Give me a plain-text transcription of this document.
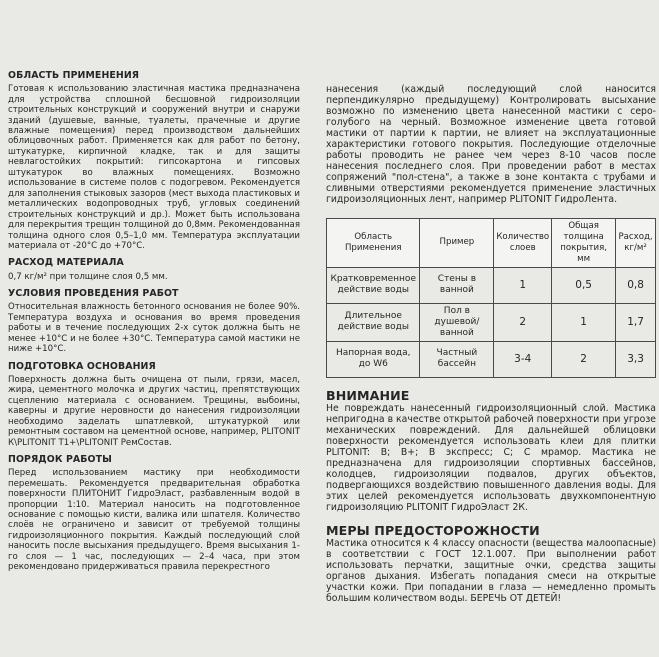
ОБЛАСТЬ ПРИМЕНЕНИЯ

Готовая к использованию эластичная мастика предназначена для устройства сплошной бесшовной гидроизоляции строительных конструкций и сооружений внутри и снаружи зданий (душевые, ванные, туалеты, прачечные и другие влажные помещения) перед производством дальнейших облицовочных работ. Применяется как для работ по бетону, штукатурке, кирпичной кладке, так и для защиты невлагостойких покрытий: гипсокартона и гипсовых штукатурок во влажных помещениях. Возможно использование в системе полов с подогревом. Рекомендуется для заполнения стыковых зазоров (мест выхода пластиковых и металлических водопроводных труб, угловых соединений строительных конструкций и др.). Может быть использована для перекрытия трещин толщиной до 0,8мм. Рекомендованная толщина одного слоя 0,5–1,0 мм. Температура эксплуатации материала от -20°С до +70°С.

РАСХОД МАТЕРИАЛА

0,7 кг/м² при толщине слоя 0,5 мм.

УСЛОВИЯ ПРОВЕДЕНИЯ РАБОТ

Относительная влажность бетонного основания не более 90%. Температура воздуха и основания во время проведения работы и в течение последующих 2-х суток должна быть не менее +10°С и не более +30°С. Температура самой мастики не ниже +10°С.

ПОДГОТОВКА ОСНОВАНИЯ

Поверхность должна быть очищена от пыли, грязи, масел, жира, цементного молочка и других частиц, препятствующих сцеплению материала с основанием. Трещины, выбоины, каверны и другие неровности до нанесения гидроизоляции необходимо заделать шпатлевкой, штукатуркой или ремонтным составом на цементной основе, например, PLITONIT К\PLITONIT Т1+\PLITONIT РемСостав.

ПОРЯДОК РАБОТЫ

Перед использованием мастику при необходимости перемешать. Рекомендуется предварительная обработка поверхности ПЛИТОНИТ ГидроЭласт, разбавленным водой в пропорции 1:10. Материал наносить на подготовленное основание с помощью кисти, валика или шпателя. Количество слоёв не ограничено и зависит от требуемой толщины гидроизоляционного покрытия. Каждый последующий слой наносить после высыхания предыдущего. Время высыхания 1-го слоя — 1 час, последующих — 2–4 часа, при этом рекомендовано придерживаться правила перекрестного

нанесения (каждый последующий слой наносится перпендикулярно предыдущему) Контролировать высыхание возможно по изменению цвета нанесенной мастики с серо-голубого на черный. Возможное изменение цвета готовой мастики от партии к партии, не влияет на эксплуатационные характеристики готового покрытия. Последующие отделочные работы проводить не ранее чем через 8-10 часов после нанесения последнего слоя. При проведении работ в местах сопряжений "пол-стена", а также в зоне контакта с трубами и сливными отверстиями рекомендуется применение эластичных гидроизоляционных лент, например PLITONIT ГидроЛента.

Область Применения	Пример	Количество слоев	Общая толщина покрытия, мм	Расход, кг/м²
Кратковременное действие воды	Стены в ванной	1	0,5	0,8
Длительное действие воды	Пол в душевой/ ванной	2	1	1,7
Напорная вода, до W6	Частный бассейн	3-4	2	3,3
ВНИМАНИЕ

Не повреждать нанесенный гидроизоляционный слой. Мастика непригодна в качестве открытой рабочей поверхности при угрозе механических повреждений. Для дальнейшей облицовки поверхности рекомендуется использовать клеи для плитки PLITONIT: В; В+; В экспресс; С; С мрамор. Мастика не предназначена для гидроизоляции спортивных бассейнов, колодцев, гидроизоляции подвалов, других объектов, подвергающихся воздействию повышенного давления воды. Для этих целей рекомендуется использовать двухкомпонентную гидроизоляцию PLITONIT ГидроЭласт 2К.

МЕРЫ ПРЕДОСТОРОЖНОСТИ

Мастика относится к 4 классу опасности (вещества малоопасные) в соответствии с ГОСТ 12.1.007. При выполнении работ использовать перчатки, защитные очки, средства защиты органов дыхания. Избегать попадания смеси на открытые участки кожи. При попадании в глаза — немедленно промыть большим количеством воды. БЕРЕЧЬ ОТ ДЕТЕЙ!
